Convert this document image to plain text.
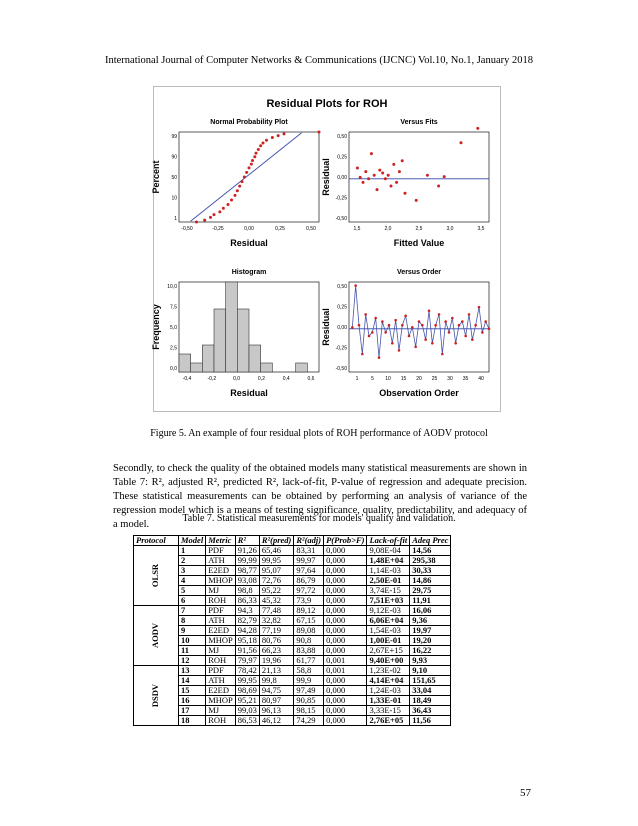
International Journal of Computer Networks & Communications (IJCNC) Vol.10, No.1, January 2018
Residual Plots for ROH
Normal Probability Plot
Residual
Percent
99
90
50
10
1
-0,50	-0,25	0,00	0,25	0,50
Versus Fits
Fitted Value
Residual
0,50
0,25
0,00
-0,25
-0,50
1,5	2,0	2,5	3,0	3,5
Histogram
Residual
Frequency
10,0
7,5
5,0
2,5
0,0
-0,4	-0,2	0,0	0,2	0,4	0,6
Versus Order
Observation Order
Residual
0,50
0,25
0,00
-0,25
-0,50
1	5 10 15 20 25 30 35 40
Figure 5. An example of four residual plots of ROH performance of AODV protocol
Secondly, to check the quality of the obtained models many statistical measurements are shown in Table 7: R², adjusted R², predicted R², lack-of-fit, P-value of regression and adequate precision. These statistical measurements can be obtained by performing an analysis of variance of the regression model which is a means of testing significance, quality, predictability, and adequacy of a model.
Table 7. Statistical measurements for models' quality and validation.
Protocol	Model	Metric	R²	R²(pred)	R²(adj)	P(Prob>F)	Lack-of-fit	Adeq Prec
OLSR	1	PDF	91,26	65,46	83,31	0,000	9,08E-04	14,56
	2	ATH	99,99	99,95	99,97	0,000	1,48E+04	295,38
	3	E2ED	98,77	95,07	97,64	0,000	1,14E-03	30,33
	4	MHOP	93,08	72,76	86,79	0,000	2,50E-01	14,86
	5	MJ	98,8	95,22	97,72	0,000	3,74E-15	29,75
	6	ROH	86,33	45,32	73,9	0,000	7,51E+03	11,91
AODV	7	PDF	94,3	77,48	89,12	0,000	9,12E-03	16,06
	8	ATH	82,79	32,82	67,15	0,000	6,06E+04	9,36
	9	E2ED	94,28	77,19	89,08	0,000	1,54E-03	19,97
	10	MHOP	95,18	80,76	90,8	0,000	1,00E-01	19,20
	11	MJ	91,56	66,23	83,88	0,000	2,67E+15	16,22
	12	ROH	79,97	19,96	61,77	0,001	9,40E+00	9,93
DSDV	13	PDF	78,42	21,13	58,8	0,001	1,23E-02	9,10
	14	ATH	99,95	99,8	99,9	0,000	4,14E+04	151,65
	15	E2ED	98,69	94,75	97,49	0,000	1,24E-03	33,04
	16	MHOP	95,21	80,97	90,85	0,000	1,33E-01	18,49
	17	MJ	99,03	96,13	98,15	0,000	3,33E-15	36,43
	18	ROH	86,53	46,12	74,29	0,000	2,76E+05	11,56
57
